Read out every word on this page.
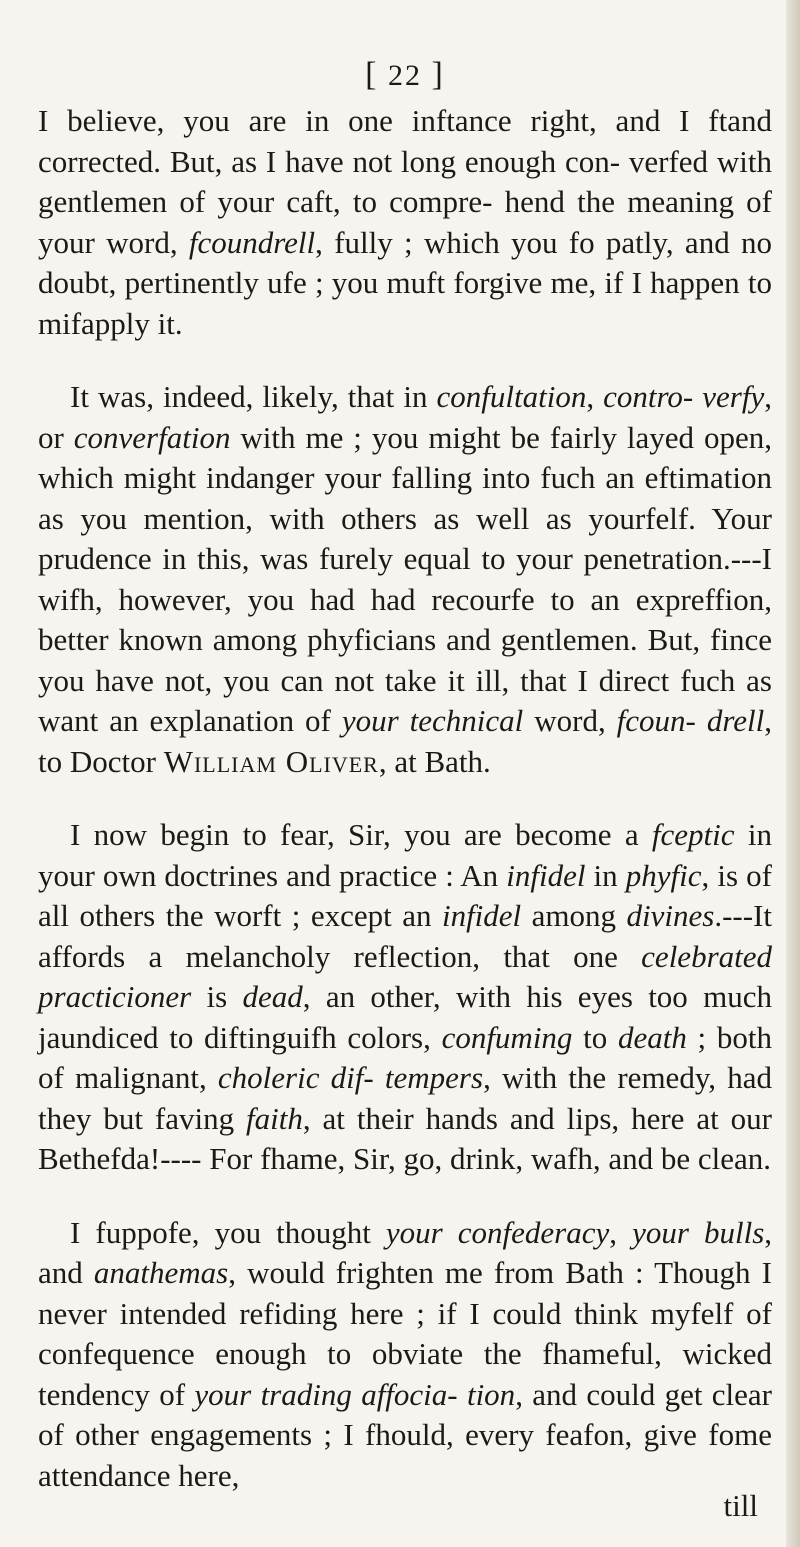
[ 22 ]

I believe, you are in one inftance right, and I ftand corrected. But, as I have not long enough con- verfed with gentlemen of your caft, to compre- hend the meaning of your word, fcoundrell, fully ; which you fo patly, and no doubt, pertinently ufe ; you muft forgive me, if I happen to mifapply it.

It was, indeed, likely, that in confultation, contro- verfy, or converfation with me ; you might be fairly layed open, which might indanger your falling into fuch an eftimation as you mention, with others as well as yourfelf. Your prudence in this, was furely equal to your penetration.---I wifh, however, you had had recourfe to an expreffion, better known among phyficians and gentlemen. But, fince you have not, you can not take it ill, that I direct fuch as want an explanation of your technical word, fcoun- drell, to Doctor William Oliver, at Bath.

I now begin to fear, Sir, you are become a fceptic in your own doctrines and practice : An infidel in phyfic, is of all others the worft ; except an infidel among divines.---It affords a melancholy reflection, that one celebrated practicioner is dead, an other, with his eyes too much jaundiced to diftinguifh colors, confuming to death ; both of malignant, choleric dif- tempers, with the remedy, had they but faving faith, at their hands and lips, here at our Bethefda!---- For fhame, Sir, go, drink, wafh, and be clean.

I fuppofe, you thought your confederacy, your bulls, and anathemas, would frighten me from Bath : Though I never intended refiding here ; if I could think myfelf of confequence enough to obviate the fhameful, wicked tendency of your trading affocia- tion, and could get clear of other engagements ; I fhould, every feafon, give fome attendance here,

till
